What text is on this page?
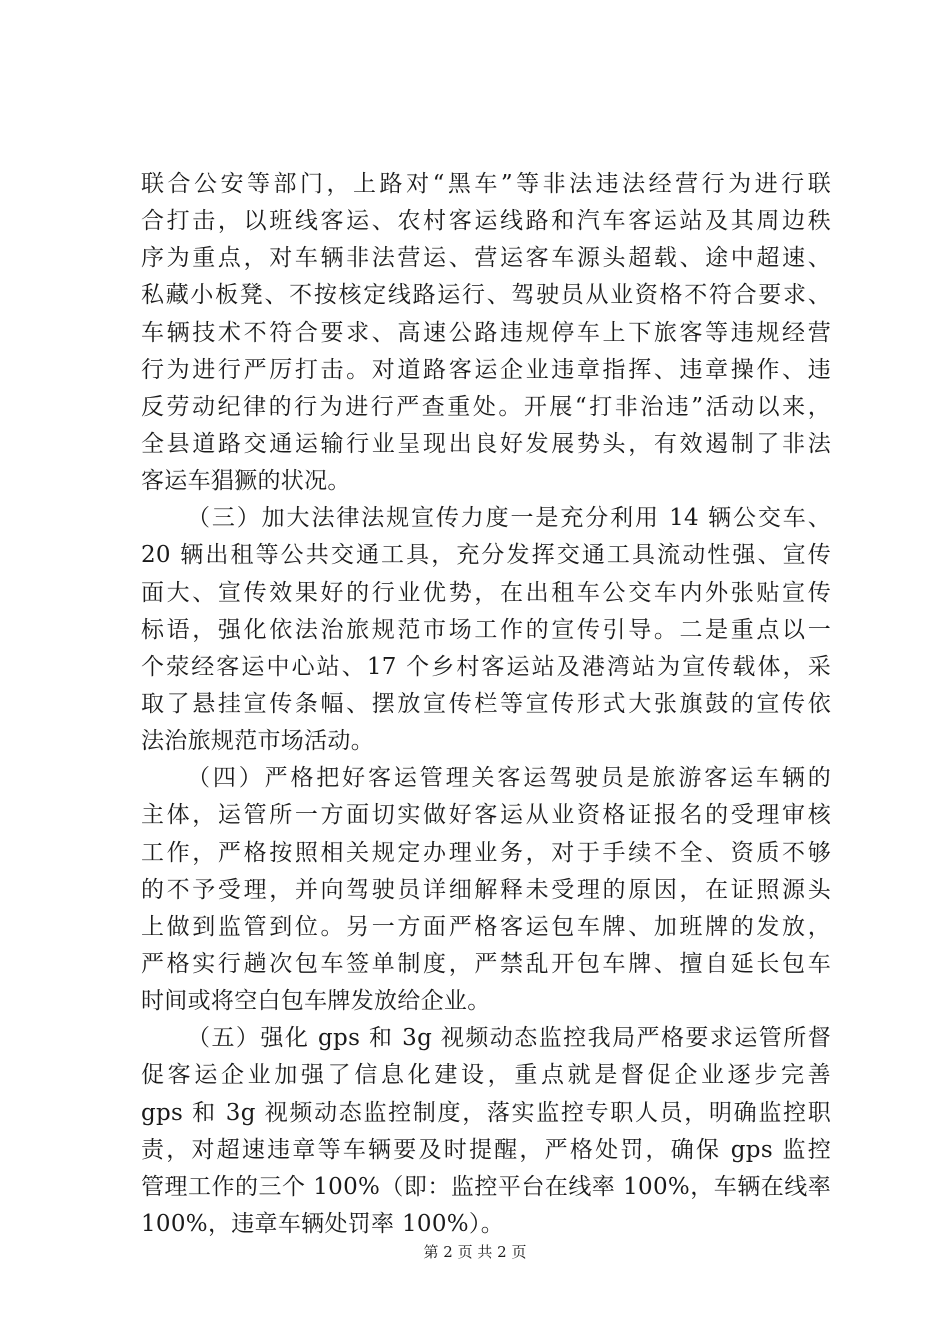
联合公安等部门，上路对“黑车”等非法违法经营行为进行联
合打击，以班线客运、农村客运线路和汽车客运站及其周边秩
序为重点，对车辆非法营运、营运客车源头超载、途中超速、
私藏小板凳、不按核定线路运行、驾驶员从业资格不符合要求、
车辆技术不符合要求、高速公路违规停车上下旅客等违规经营
行为进行严厉打击。对道路客运企业违章指挥、违章操作、违
反劳动纪律的行为进行严查重处。开展“打非治违”活动以来，
全县道路交通运输行业呈现出良好发展势头，有效遏制了非法
客运车猖獗的状况。
（三）加大法律法规宣传力度一是充分利用 14 辆公交车、
20 辆出租等公共交通工具，充分发挥交通工具流动性强、宣传
面大、宣传效果好的行业优势，在出租车公交车内外张贴宣传
标语，强化依法治旅规范市场工作的宣传引导。二是重点以一
个荥经客运中心站、17 个乡村客运站及港湾站为宣传载体，采
取了悬挂宣传条幅、摆放宣传栏等宣传形式大张旗鼓的宣传依
法治旅规范市场活动。
（四）严格把好客运管理关客运驾驶员是旅游客运车辆的
主体，运管所一方面切实做好客运从业资格证报名的受理审核
工作，严格按照相关规定办理业务，对于手续不全、资质不够
的不予受理，并向驾驶员详细解释未受理的原因，在证照源头
上做到监管到位。另一方面严格客运包车牌、加班牌的发放，
严格实行趟次包车签单制度，严禁乱开包车牌、擅自延长包车
时间或将空白包车牌发放给企业。
（五）强化 gps 和 3g 视频动态监控我局严格要求运管所督
促客运企业加强了信息化建设，重点就是督促企业逐步完善
gps 和 3g 视频动态监控制度，落实监控专职人员，明确监控职
责，对超速违章等车辆要及时提醒，严格处罚，确保 gps 监控
管理工作的三个 100%（即：监控平台在线率 100%，车辆在线率
100%，违章车辆处罚率 100%）。
第 2 页 共 2 页
